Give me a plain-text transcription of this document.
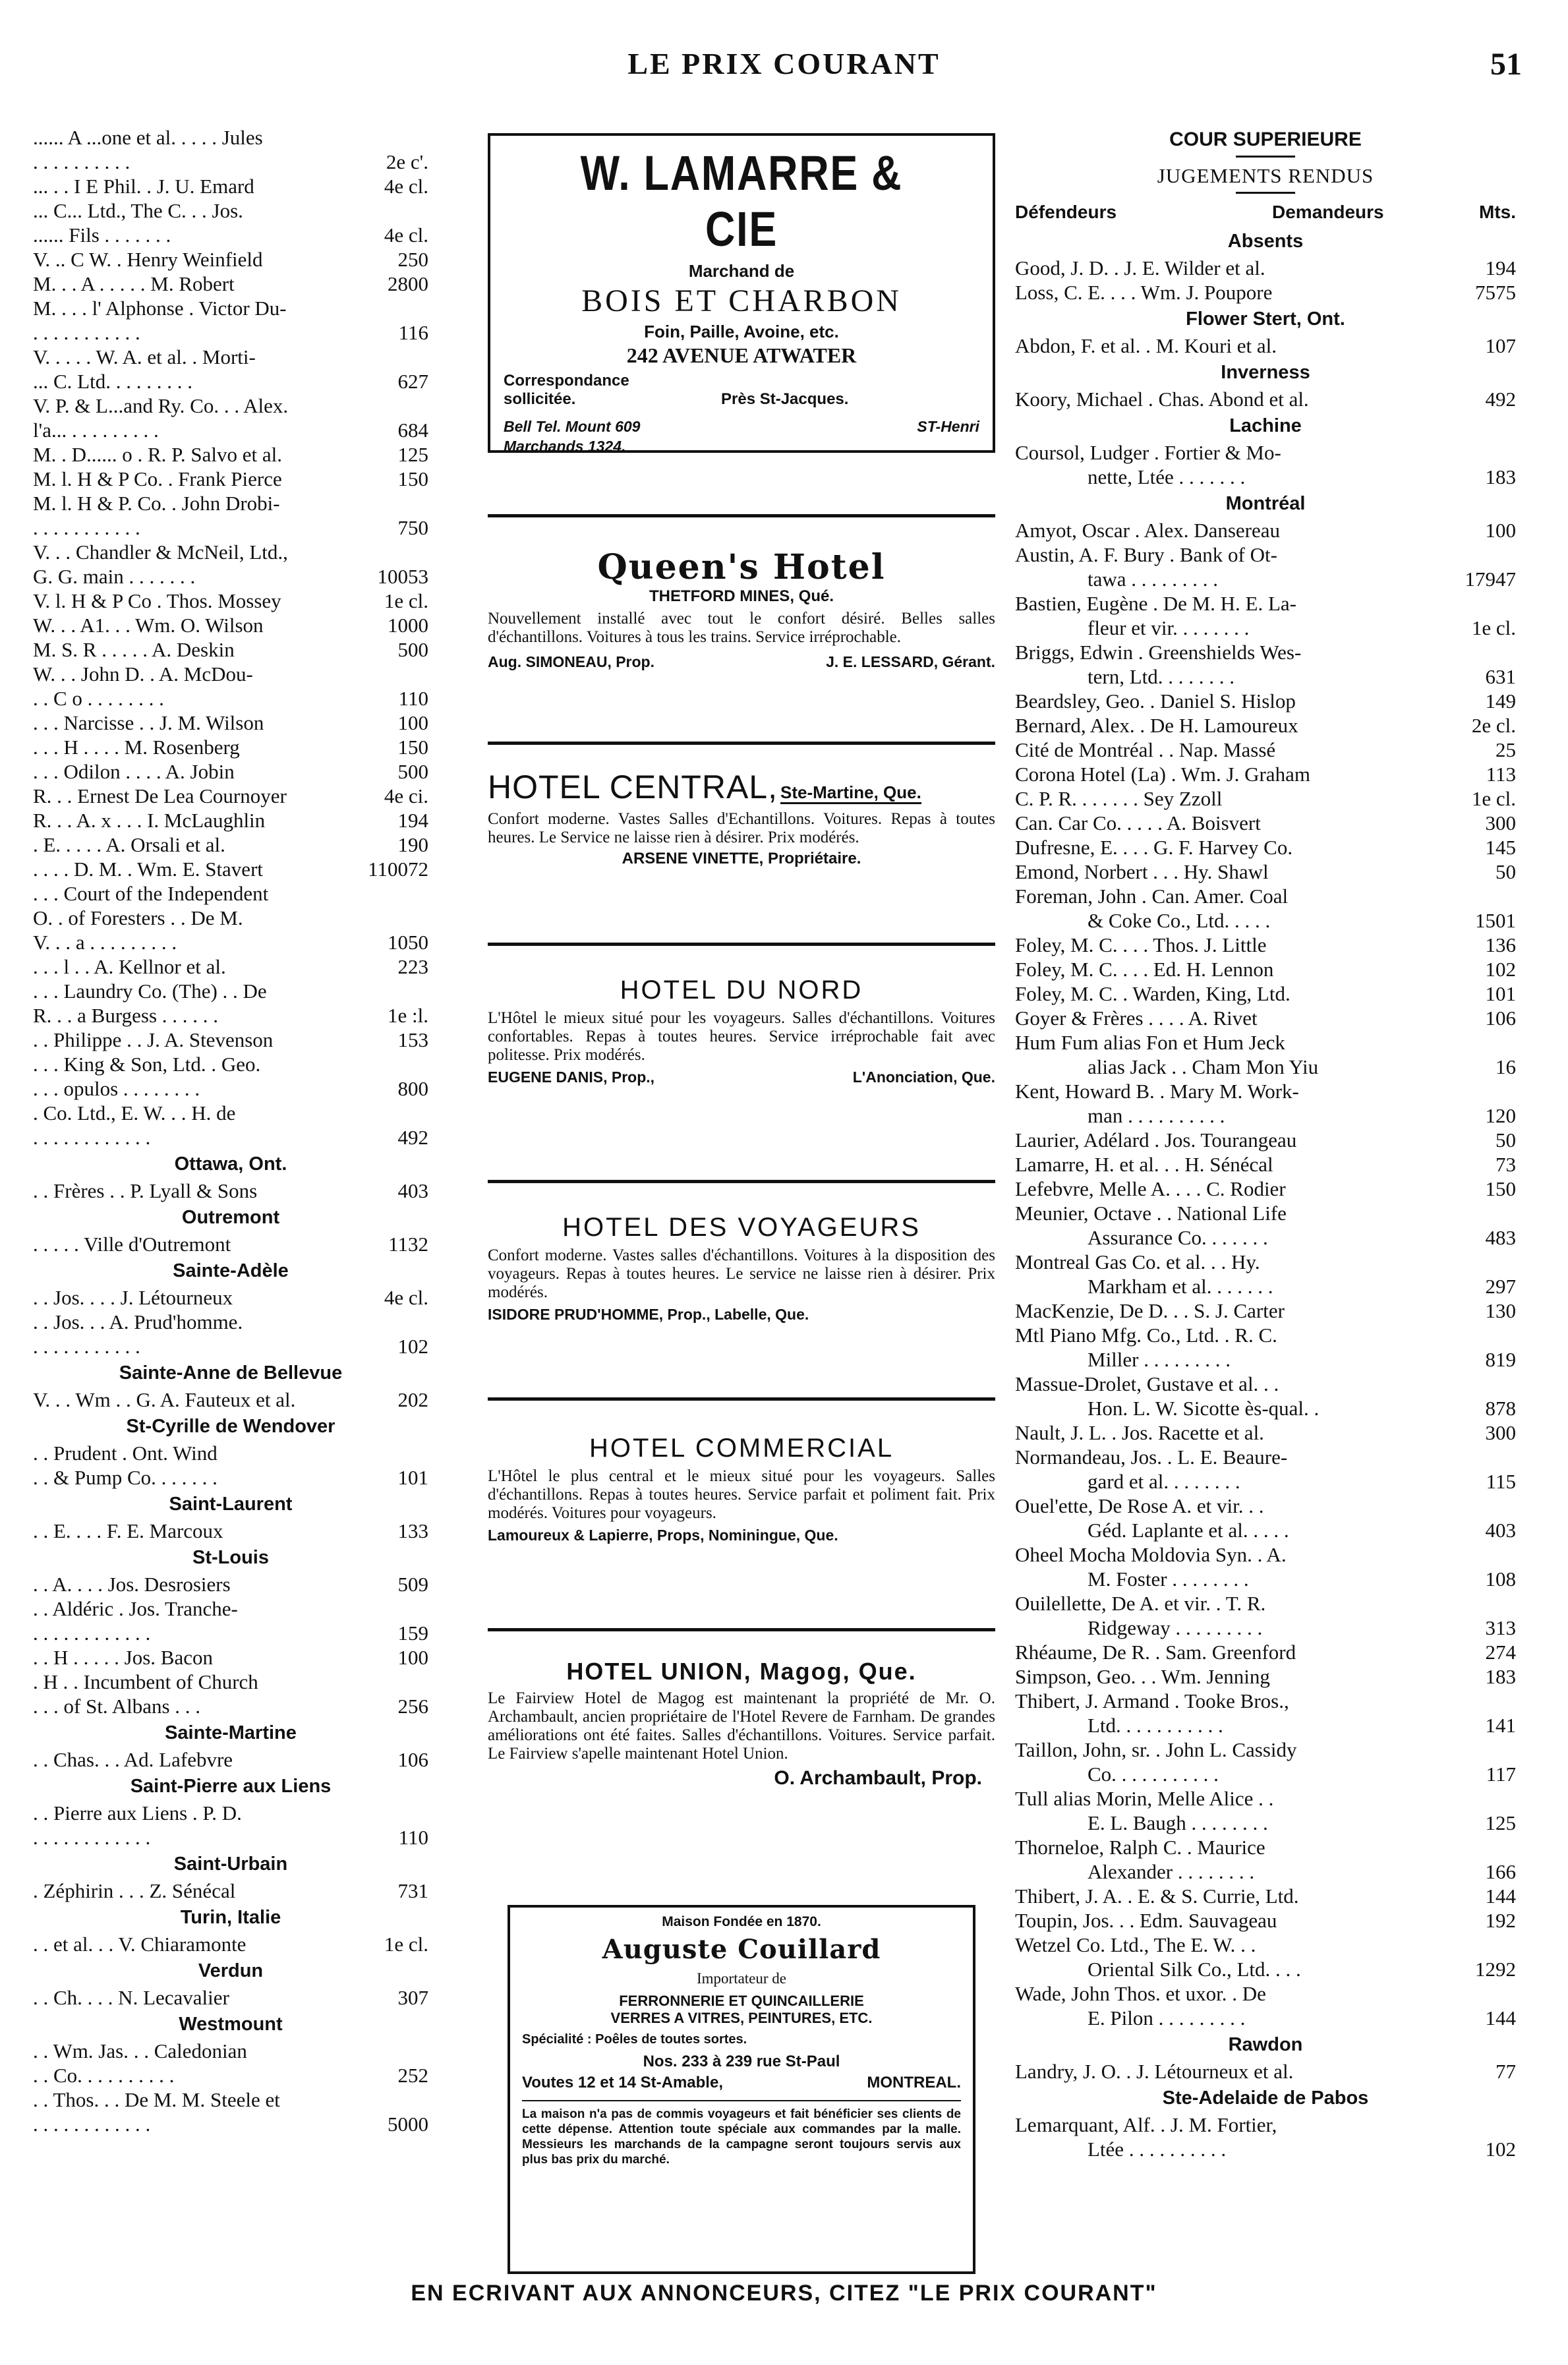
LE PRIX COURANT	51
...... A ...one et al. . . . . Jules
. . . . . . . . . .	2e c'.
... . . I E Phil. . J. U. Emard	4e cl.
... C... Ltd., The C. . . Jos.
...... Fils . . . . . . .	4e cl.
V. .. C W. . Henry Weinfield	250
M. . . A . . . . . M. Robert	2800
M. . . . l' Alphonse . Victor Du-
. . . . . . . . . . .	116
V. . . . . W. A. et al. . Morti-
... C. Ltd. . . . . . . . .	627
V. P. & L...and Ry. Co. . . Alex.
l'a... . . . . . . . . .	684
M. . D...... o . R. P. Salvo et al.	125
M. l. H & P Co. . Frank Pierce	150
M. l. H & P. Co. . John Drobi-
. . . . . . . . . . .	750
V. . . Chandler & McNeil, Ltd.,
G. G. main . . . . . . .	10053
V. l. H & P Co . Thos. Mossey	1e cl.
W. . . A1. . . Wm. O. Wilson	1000
M. S. R . . . . . A. Deskin	500
W. . . John D. . A. McDou-
. . C o . . . . . . . .	110
. . . Narcisse . . J. M. Wilson	100
. . . H . . . . M. Rosenberg	150
. . . Odilon . . . . A. Jobin	500
R. . . Ernest De Lea Cournoyer	4e ci.
R. . . A. x . . . I. McLaughlin	194
. E. . . . . A. Orsali et al.	190
. . . . D. M. . Wm. E. Stavert	110072
. . . Court of the Independent
O. . of Foresters . . De M.
V. . . a . . . . . . . . .	1050
. . . l . . A. Kellnor et al.	223
. . . Laundry Co. (The) . . De
R. . . a Burgess . . . . . .	1e :l.
. . Philippe . . J. A. Stevenson	153
. . . King & Son, Ltd. . Geo.
. . . opulos . . . . . . . .	800
. Co. Ltd., E. W. . . H. de
. . . . . . . . . . . .	492
Ottawa, Ont.
. . Frères . . P. Lyall & Sons	403
Outremont
. . . . . Ville d'Outremont	1132
Sainte-Adèle
. . Jos. . . . J. Létourneux	4e cl.
. . Jos. . . A. Prud'homme.
. . . . . . . . . . .	102
Sainte-Anne de Bellevue
V. . . Wm . . G. A. Fauteux et al.	202
St-Cyrille de Wendover
. . Prudent . Ont. Wind
. . & Pump Co. . . . . . .	101
Saint-Laurent
. . E. . . . F. E. Marcoux	133
St-Louis
. . A. . . . Jos. Desrosiers	509
. . Aldéric . Jos. Tranche-
. . . . . . . . . . . .	159
. . H . . . . . Jos. Bacon	100
. H . . Incumbent of Church
. . . of St. Albans . . .	256
Sainte-Martine
. . Chas. . . Ad. Lafebvre	106
Saint-Pierre aux Liens
. . Pierre aux Liens . P. D.
. . . . . . . . . . . .	110
Saint-Urbain
. Zéphirin . . . Z. Sénécal	731
Turin, Italie
. . et al. . . V. Chiaramonte	1e cl.
Verdun
. . Ch. . . . N. Lecavalier	307
Westmount
. . Wm. Jas. . . Caledonian
. . Co. . . . . . . . . .	252
. . Thos. . . De M. M. Steele et
. . . . . . . . . . . .	5000
W. LAMARRE & CIE
Marchand de
BOIS ET CHARBON
Foin, Paille, Avoine, etc.
242 AVENUE ATWATER
Correspondance
sollicitée.	Près St-Jacques.
Bell Tel. Mount 609	ST-Henri
Marchands 1324.
Queen's Hotel
THETFORD MINES, Qué.
Nouvellement installé avec tout le confort désiré. Belles salles d'échantillons. Voitures à tous les trains. Service irréprochable.
Aug. SIMONEAU, Prop.	J. E. LESSARD, Gérant.
HOTEL CENTRAL, Ste-Martine, Que.
Confort moderne. Vastes Salles d'Echantillons. Voitures. Repas à toutes heures. Le Service ne laisse rien à désirer. Prix modérés.
ARSENE VINETTE, Propriétaire.
HOTEL DU NORD
L'Hôtel le mieux situé pour les voyageurs. Salles d'échantillons. Voitures confortables. Repas à toutes heures. Service irréprochable fait avec politesse. Prix modérés.
EUGENE DANIS, Prop.,	L'Anonciation, Que.
HOTEL DES VOYAGEURS
Confort moderne. Vastes salles d'échantillons. Voitures à la disposition des voyageurs. Repas à toutes heures. Le service ne laisse rien à désirer. Prix modérés.
ISIDORE PRUD'HOMME, Prop., Labelle, Que.
HOTEL COMMERCIAL
L'Hôtel le plus central et le mieux situé pour les voyageurs. Salles d'échantillons. Repas à toutes heures. Service parfait et poliment fait. Prix modérés. Voitures pour voyageurs.
Lamoureux & Lapierre, Props, Nominingue, Que.
HOTEL UNION, Magog, Que.
Le Fairview Hotel de Magog est maintenant la propriété de Mr. O. Archambault, ancien propriétaire de l'Hotel Revere de Farnham. De grandes améliorations ont été faites. Salles d'échantillons. Voitures. Service parfait. Le Fairview s'apelle maintenant Hotel Union.
O. Archambault, Prop.
Maison Fondée en 1870.
Auguste Couillard
Importateur de
FERRONNERIE ET QUINCAILLERIE
VERRES A VITRES, PEINTURES, ETC.
Spécialité : Poêles de toutes sortes.
Nos. 233 à 239 rue St-Paul
Voutes 12 et 14 St-Amable,	MONTREAL.
La maison n'a pas de commis voyageurs et fait bénéficier ses clients de cette dépense. Attention toute spéciale aux commandes par la malle. Messieurs les marchands de la campagne seront toujours servis aux plus bas prix du marché.
COUR SUPERIEURE
JUGEMENTS RENDUS
Défendeurs	Demandeurs	Mts.
Absents
Good, J. D. . J. E. Wilder et al.	194
Loss, C. E. . . . Wm. J. Poupore	7575
Flower Stert, Ont.
Abdon, F. et al. . M. Kouri et al.	107
Inverness
Koory, Michael . Chas. Abond et al.	492
Lachine
Coursol, Ludger . Fortier & Mo-
nette, Ltée . . . . . . .	183
Montréal
Amyot, Oscar . Alex. Dansereau	100
Austin, A. F. Bury . Bank of Ot-
tawa . . . . . . . . .	17947
Bastien, Eugène . De M. H. E. La-
fleur et vir. . . . . . . .	1e cl.
Briggs, Edwin . Greenshields Wes-
tern, Ltd. . . . . . . .	631
Beardsley, Geo. . Daniel S. Hislop	149
Bernard, Alex. . De H. Lamoureux	2e cl.
Cité de Montréal . . Nap. Massé	25
Corona Hotel (La) . Wm. J. Graham	113
C. P. R. . . . . . . Sey Zzoll	1e cl.
Can. Car Co. . . . . A. Boisvert	300
Dufresne, E. . . . G. F. Harvey Co.	145
Emond, Norbert . . . Hy. Shawl	50
Foreman, John . Can. Amer. Coal
& Coke Co., Ltd. . . . .	1501
Foley, M. C. . . . Thos. J. Little	136
Foley, M. C. . . . Ed. H. Lennon	102
Foley, M. C. . Warden, King, Ltd.	101
Goyer & Frères . . . . A. Rivet	106
Hum Fum alias Fon et Hum Jeck
alias Jack . . Cham Mon Yiu	16
Kent, Howard B. . Mary M. Work-
man . . . . . . . . . .	120
Laurier, Adélard . Jos. Tourangeau	50
Lamarre, H. et al. . . H. Sénécal	73
Lefebvre, Melle A. . . . C. Rodier	150
Meunier, Octave . . National Life
Assurance Co. . . . . . .	483
Montreal Gas Co. et al. . . Hy.
Markham et al. . . . . . .	297
MacKenzie, De D. . . S. J. Carter	130
Mtl Piano Mfg. Co., Ltd. . R. C.
Miller . . . . . . . . .	819
Massue-Drolet, Gustave et al. . .
Hon. L. W. Sicotte ès-qual. .	878
Nault, J. L. . Jos. Racette et al.	300
Normandeau, Jos. . L. E. Beaure-
gard et al. . . . . . . .	115
Ouel'ette, De Rose A. et vir. . .
Géd. Laplante et al. . . . .	403
Oheel Mocha Moldovia Syn. . A.
M. Foster . . . . . . . .	108
Ouilellette, De A. et vir. . T. R.
Ridgeway . . . . . . . . .	313
Rhéaume, De R. . Sam. Greenford	274
Simpson, Geo. . . Wm. Jenning	183
Thibert, J. Armand . Tooke Bros.,
Ltd. . . . . . . . . . .	141
Taillon, John, sr. . John L. Cassidy
Co. . . . . . . . . . .	117
Tull alias Morin, Melle Alice . .
E. L. Baugh . . . . . . . .	125
Thorneloe, Ralph C. . Maurice
Alexander . . . . . . . .	166
Thibert, J. A. . E. & S. Currie, Ltd.	144
Toupin, Jos. . . Edm. Sauvageau	192
Wetzel Co. Ltd., The E. W. . .
Oriental Silk Co., Ltd. . . .	1292
Wade, John Thos. et uxor. . De
E. Pilon . . . . . . . . .	144
Rawdon
Landry, J. O. . J. Létourneux et al.	77
Ste-Adelaide de Pabos
Lemarquant, Alf. . J. M. Fortier,
Ltée . . . . . . . . . .	102
EN ECRIVANT AUX ANNONCEURS, CITEZ "LE PRIX COURANT"
